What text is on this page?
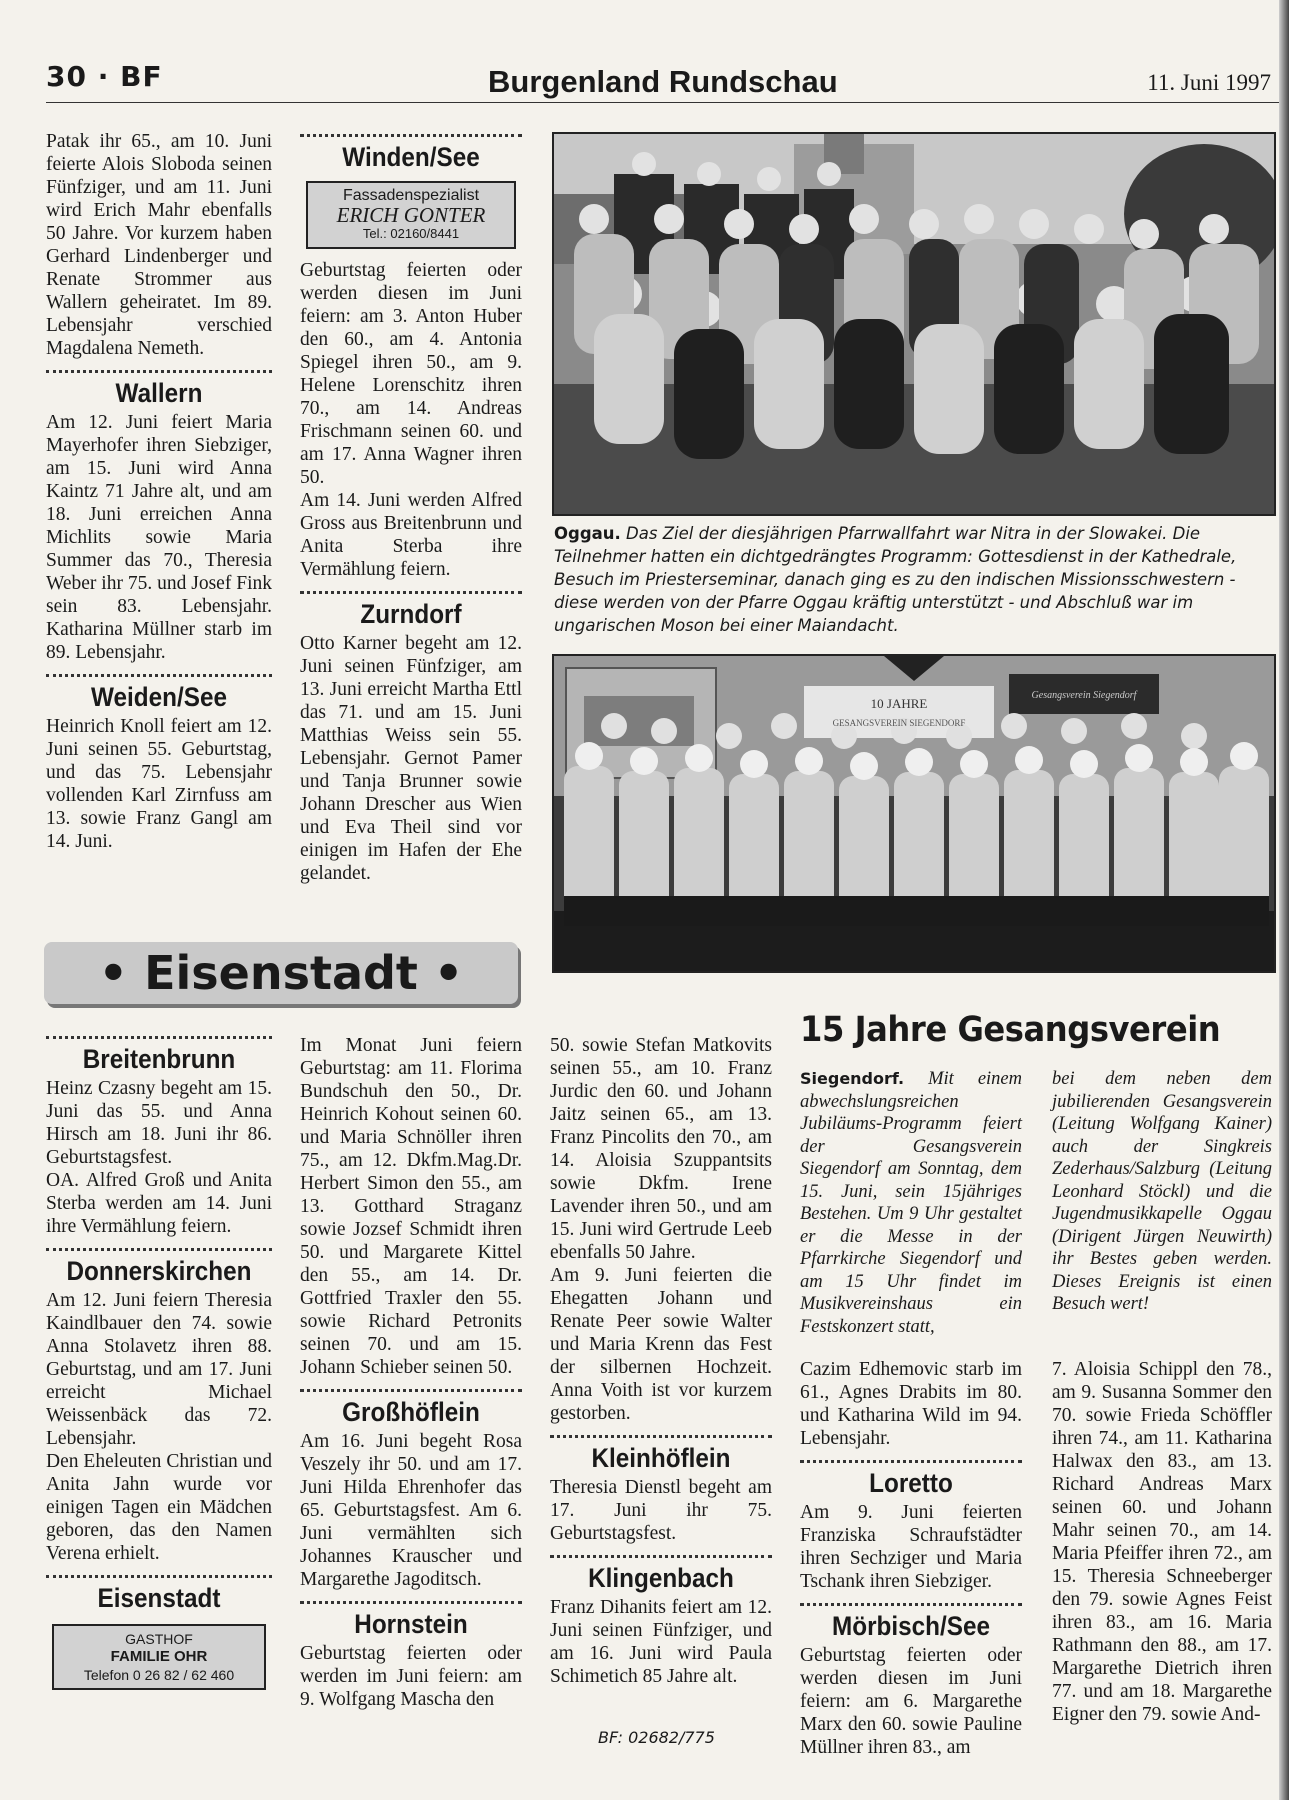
30 · BF	Burgenland Rundschau	11. Juni 1997

Patak ihr 65., am 10. Juni feierte Alois Sloboda seinen Fünfziger, und am 11. Juni wird Erich Mahr ebenfalls 50 Jahre. Vor kurzem haben Gerhard Lindenberger und Renate Strommer aus Wallern geheiratet. Im 89. Lebensjahr verschied Magdalena Nemeth.

Wallern

Am 12. Juni feiert Maria Mayerhofer ihren Siebziger, am 15. Juni wird Anna Kaintz 71 Jahre alt, und am 18. Juni erreichen Anna Michlits sowie Maria Summer das 70., Theresia Weber ihr 75. und Josef Fink sein 83. Lebensjahr. Katharina Müllner starb im 89. Lebensjahr.

Weiden/See

Heinrich Knoll feiert am 12. Juni seinen 55. Geburtstag, und das 75. Lebensjahr vollenden Karl Zirnfuss am 13. sowie Franz Gangl am 14. Juni.

Winden/See
Fassadenspezialist
ERICH GONTER
Tel.: 02160/8441

Geburtstag feierten oder werden diesen im Juni feiern: am 3. Anton Huber den 60., am 4. Antonia Spiegel ihren 50., am 9. Helene Lorenschitz ihren 70., am 14. Andreas Frischmann seinen 60. und am 17. Anna Wagner ihren 50.

Am 14. Juni werden Alfred Gross aus Breitenbrunn und Anita Sterba ihre Vermählung feiern.

Zurndorf

Otto Karner begeht am 12. Juni seinen Fünfziger, am 13. Juni erreicht Martha Ettl das 71. und am 15. Juni Matthias Weiss sein 55. Lebensjahr. Gernot Pamer und Tanja Brunner sowie Johann Drescher aus Wien und Eva Theil sind vor einigen im Hafen der Ehe gelandet.

Oggau. Das Ziel der diesjährigen Pfarrwallfahrt war Nitra in der Slowakei. Die Teilnehmer hatten ein dichtgedrängtes Programm: Gottesdienst in der Kathedrale, Besuch im Priesterseminar, danach ging es zu den indischen Missionsschwestern - diese werden von der Pfarre Oggau kräftig unterstützt - und Abschluß war im ungarischen Moson bei einer Maiandacht.
10 JAHRE
GESANGSVEREIN SIEGENDORF
Gesangsverein Siegendorf
• Eisenstadt •
Breitenbrunn

Heinz Czasny begeht am 15. Juni das 55. und Anna Hirsch am 18. Juni ihr 86. Geburtstagsfest.

OA. Alfred Groß und Anita Sterba werden am 14. Juni ihre Vermählung feiern.

Donnerskirchen

Am 12. Juni feiern Theresia Kaindlbauer den 74. sowie Anna Stolavetz ihren 88. Geburtstag, und am 17. Juni erreicht Michael Weissenbäck das 72. Lebensjahr.

Den Eheleuten Christian und Anita Jahn wurde vor einigen Tagen ein Mädchen geboren, das den Namen Verena erhielt.

Eisenstadt
GASTHOF
FAMILIE OHR
Telefon 0 26 82 / 62 460

Im Monat Juni feiern Geburtstag: am 11. Florima Bundschuh den 50., Dr. Heinrich Kohout seinen 60. und Maria Schnöller ihren 75., am 12. Dkfm.Mag.Dr. Herbert Simon den 55., am 13. Gotthard Straganz sowie Jozsef Schmidt ihren 50. und Margarete Kittel den 55., am 14. Dr. Gottfried Traxler den 55. sowie Richard Petronits seinen 70. und am 15. Johann Schieber seinen 50.

Großhöflein

Am 16. Juni begeht Rosa Veszely ihr 50. und am 17. Juni Hilda Ehrenhofer das 65. Geburtstagsfest. Am 6. Juni vermählten sich Johannes Krauscher und Margarethe Jagoditsch.

Hornstein

Geburtstag feierten oder werden im Juni feiern: am 9. Wolfgang Mascha den

50. sowie Stefan Matkovits seinen 55., am 10. Franz Jurdic den 60. und Johann Jaitz seinen 65., am 13. Franz Pincolits den 70., am 14. Aloisia Szuppantsits sowie Dkfm. Irene Lavender ihren 50., und am 15. Juni wird Gertrude Leeb ebenfalls 50 Jahre.

Am 9. Juni feierten die Ehegatten Johann und Renate Peer sowie Walter und Maria Krenn das Fest der silbernen Hochzeit. Anna Voith ist vor kurzem gestorben.

Kleinhöflein

Theresia Dienstl begeht am 17. Juni ihr 75. Geburtstagsfest.

Klingenbach

Franz Dihanits feiert am 12. Juni seinen Fünfziger, und am 16. Juni wird Paula Schimetich 85 Jahre alt.

BF: 02682/775
15 Jahre Gesangsverein
Siegendorf. Mit einem abwechslungsreichen Jubiläums-Programm feiert der Gesangsverein Siegendorf am Sonntag, dem 15. Juni, sein 15jähriges Bestehen. Um 9 Uhr gestaltet er die Messe in der Pfarrkirche Siegendorf und am 15 Uhr findet im Musikvereinshaus ein Festskonzert statt,
bei dem neben dem jubilierenden Gesangsverein (Leitung Wolfgang Kainer) auch der Singkreis Zederhaus/Salzburg (Leitung Leonhard Stöckl) und die Jugendmusikkapelle Oggau (Dirigent Jürgen Neuwirth) ihr Bestes geben werden. Dieses Ereignis ist einen Besuch wert!

Cazim Edhemovic starb im 61., Agnes Drabits im 80. und Katharina Wild im 94. Lebensjahr.

Loretto

Am 9. Juni feierten Franziska Schraufstädter ihren Sechziger und Maria Tschank ihren Siebziger.

Mörbisch/See

Geburtstag feierten oder werden diesen im Juni feiern: am 6. Margarethe Marx den 60. sowie Pauline Müllner ihren 83., am

7. Aloisia Schippl den 78., am 9. Susanna Sommer den 70. sowie Frieda Schöffler ihren 74., am 11. Katharina Halwax den 83., am 13. Richard Andreas Marx seinen 60. und Johann Mahr seinen 70., am 14. Maria Pfeiffer ihren 72., am 15. Theresia Schneeberger den 79. sowie Agnes Feist ihren 83., am 16. Maria Rathmann den 88., am 17. Margarethe Dietrich ihren 77. und am 18. Margarethe Eigner den 79. sowie And-
